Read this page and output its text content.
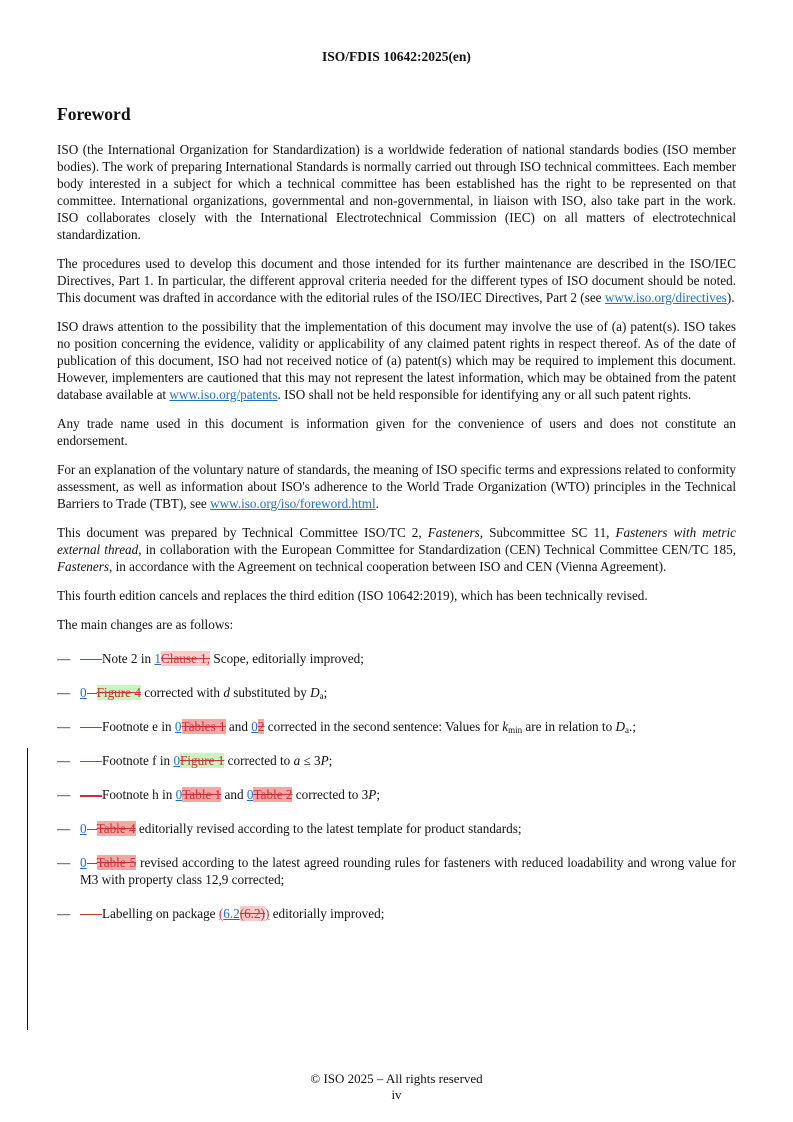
ISO/FDIS 10642:2025(en)
Foreword

ISO (the International Organization for Standardization) is a worldwide federation of national standards bodies (ISO member bodies). The work of preparing International Standards is normally carried out through ISO technical committees. Each member body interested in a subject for which a technical committee has been established has the right to be represented on that committee. International organizations, governmental and non-governmental, in liaison with ISO, also take part in the work. ISO collaborates closely with the International Electrotechnical Commission (IEC) on all matters of electrotechnical standardization.

The procedures used to develop this document and those intended for its further maintenance are described in the ISO/IEC Directives, Part 1. In particular, the different approval criteria needed for the different types of ISO document should be noted. This document was drafted in accordance with the editorial rules of the ISO/IEC Directives, Part 2 (see www.iso.org/directives).

ISO draws attention to the possibility that the implementation of this document may involve the use of (a) patent(s). ISO takes no position concerning the evidence, validity or applicability of any claimed patent rights in respect thereof. As of the date of publication of this document, ISO had not received notice of (a) patent(s) which may be required to implement this document. However, implementers are cautioned that this may not represent the latest information, which may be obtained from the patent database available at www.iso.org/patents. ISO shall not be held responsible for identifying any or all such patent rights.

Any trade name used in this document is information given for the convenience of users and does not constitute an endorsement.

For an explanation of the voluntary nature of standards, the meaning of ISO specific terms and expressions related to conformity assessment, as well as information about ISO's adherence to the World Trade Organization (WTO) principles in the Technical Barriers to Trade (TBT), see www.iso.org/iso/foreword.html.

This document was prepared by Technical Committee ISO/TC 2, Fasteners, Subcommittee SC 11, Fasteners with metric external thread, in collaboration with the European Committee for Standardization (CEN) Technical Committee CEN/TC 185, Fasteners, in accordance with the Agreement on technical cooperation between ISO and CEN (Vienna Agreement).

This fourth edition cancels and replaces the third edition (ISO 10642:2019), which has been technically revised.

The main changes are as follows:

— Note 2 in 1Clause 1, Scope, editorially improved;
— 0 Figure 4 corrected with d substituted by $D_a$;
— Footnote e in 0Tables 1 and 02 corrected in the second sentence: Values for $k_{min}$ are in relation to $D_a$.;
— Footnote f in 0Figure 1 corrected to a ≤ 3P;
— Footnote h in 0Table 1 and 0Table 2 corrected to 3P;
— 0 Table 4 editorially revised according to the latest template for product standards;
— 0 Table 5 revised according to the latest agreed rounding rules for fasteners with reduced loadability and wrong value for M3 with property class 12,9 corrected;
— Labelling on package (6.2(6.2)) editorially improved;
© ISO 2025 – All rights reserved
iv
